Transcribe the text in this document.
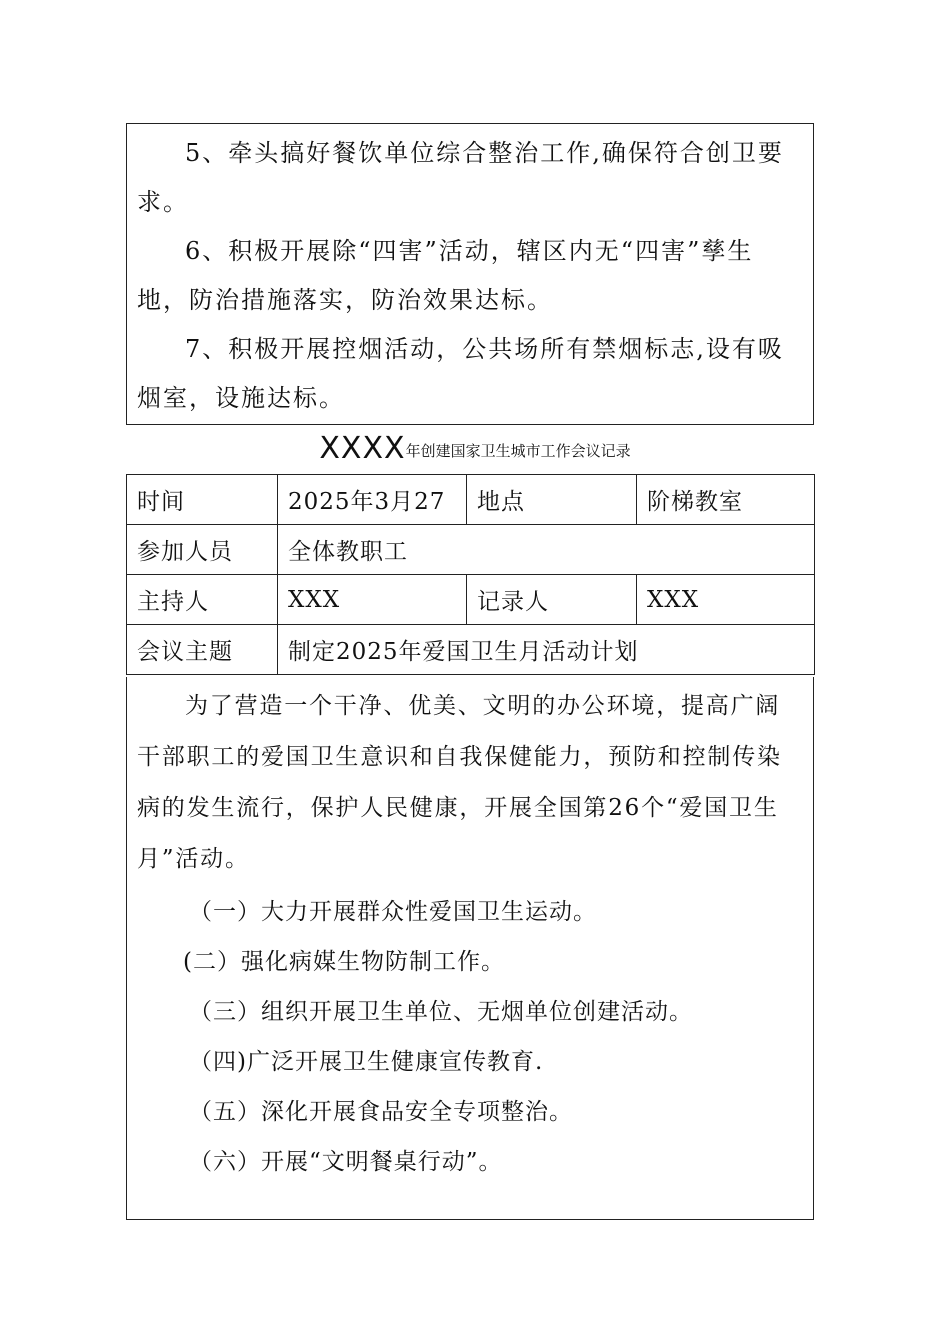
5、牵头搞好餐饮单位综合整治工作,确保符合创卫要求。

6、积极开展除“四害”活动，辖区内无“四害”孳生地，防治措施落实，防治效果达标。

7、积极开展控烟活动，公共场所有禁烟标志,设有吸烟室，设施达标。

XXXX年创建国家卫生城市工作会议记录
时间	2025年3月27	地点	阶梯教室
参加人员	全体教职工		
主持人	XXX	记录人	XXX
会议主题	制定2025年爱国卫生月活动计划		

为了营造一个干净、优美、文明的办公环境，提高广阔干部职工的爱国卫生意识和自我保健能力，预防和控制传染病的发生流行，保护人民健康，开展全国第26个“爱国卫生月”活动。

（一）大力开展群众性爱国卫生运动。

(二）强化病媒生物防制工作。

（三）组织开展卫生单位、无烟单位创建活动。

（四)广泛开展卫生健康宣传教育.

（五）深化开展食品安全专项整治。

（六）开展“文明餐桌行动”。
